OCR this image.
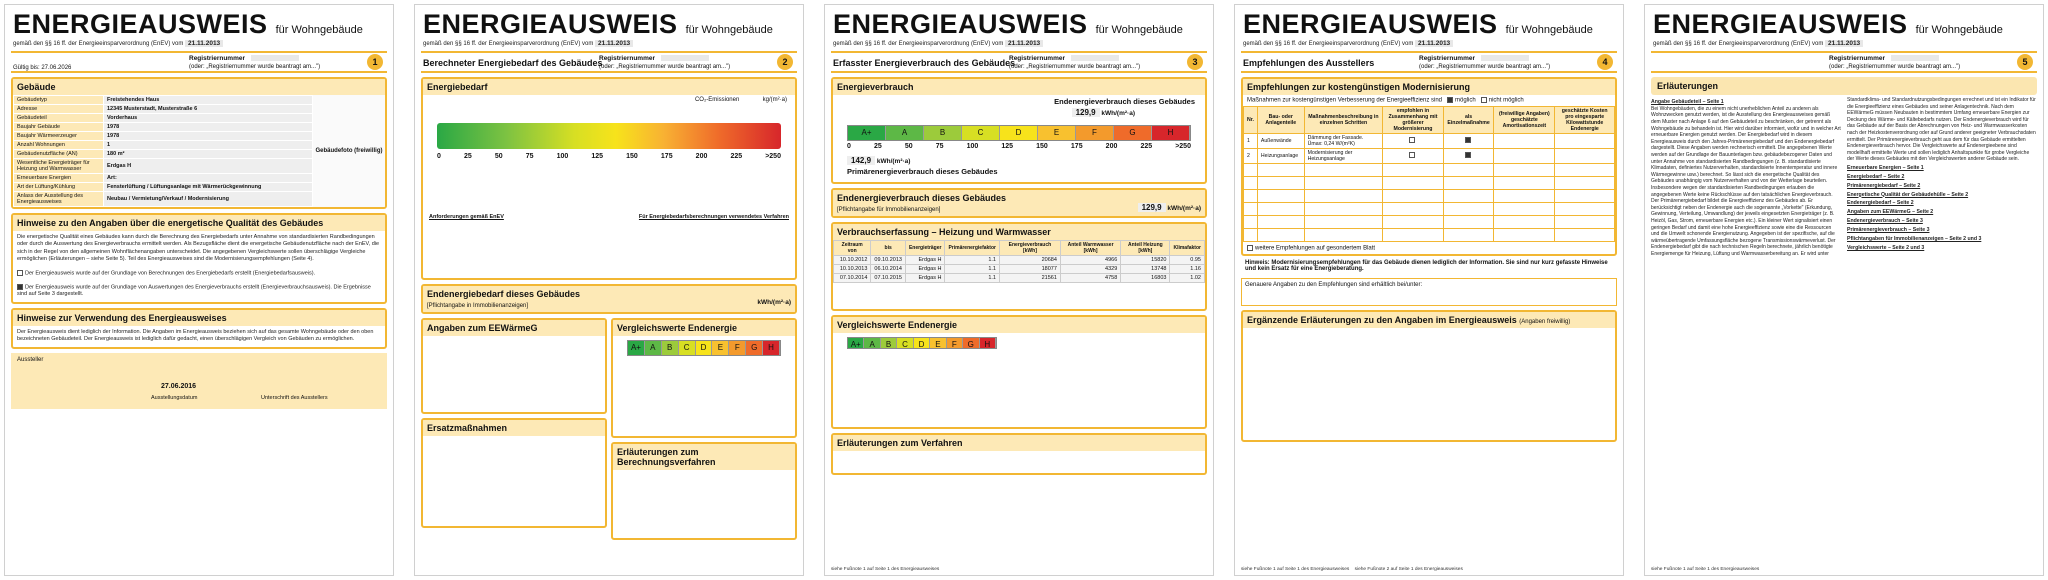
ENERGIEAUSWEIS für Wohngebäude
gemäß den §§ 16 ff. der Energieeinsparverordnung (EnEV) vom 21.11.2013
Gültig bis: 27.06.2026
Registriernummer
(oder: „Registriernummer wurde beantragt am...")	1
Gebäude
Gebäudetyp	Freistehendes Haus
Adresse	12345 Musterstadt, Musterstraße 6
Gebäudeteil	Vorderhaus
Baujahr Gebäude	1978
Baujahr Wärmeerzeuger	1978
Anzahl Wohnungen	1
Gebäudenutzfläche (AN)	180 m²
Wesentliche Energieträger für Heizung und Warmwasser	Erdgas H
Erneuerbare Energien	Art:
Art der Lüftung/Kühlung	Fensterlüftung / Lüftungsanlage mit Wärmerückgewinnung
Anlass der Ausstellung des Energieausweises	Neubau / Vermietung/Verkauf / Modernisierung
Gebäudefoto (freiwillig)
Hinweise zu den Angaben über die energetische Qualität des Gebäudes
Die energetische Qualität eines Gebäudes kann durch die Berechnung des Energiebedarfs unter Annahme von standardisierten Randbedingungen oder durch die Auswertung des Energieverbrauchs ermittelt werden. Als Bezugsfläche dient die energetische Gebäudenutzfläche nach der EnEV, die sich in der Regel von den allgemeinen Wohnflächenangaben unterscheidet. Die angegebenen Vergleichswerte sollen überschlägige Vergleiche ermöglichen (Erläuterungen – siehe Seite 5). Teil des Energieausweises sind die Modernisierungsempfehlungen (Seite 4).
Der Energieausweis wurde auf der Grundlage von Berechnungen des Energiebedarfs erstellt (Energiebedarfsausweis).
Der Energieausweis wurde auf der Grundlage von Auswertungen des Energieverbrauchs erstellt (Energieverbrauchsausweis). Die Ergebnisse sind auf Seite 3 dargestellt.
Hinweise zur Verwendung des Energieausweises
Der Energieausweis dient lediglich der Information. Die Angaben im Energieausweis beziehen sich auf das gesamte Wohngebäude oder den oben bezeichneten Gebäudeteil. Der Energieausweis ist lediglich dafür gedacht, einen überschlägigen Vergleich von Gebäuden zu ermöglichen.
Aussteller
27.06.2016
Ausstellungsdatum	Unterschrift des Ausstellers
ENERGIEAUSWEIS für Wohngebäude
gemäß den §§ 16 ff. der Energieeinsparverordnung (EnEV) vom 21.11.2013
Berechneter Energiebedarf des Gebäudes
Registriernummer
(oder: „Registriernummer wurde beantragt am...")	2
Energiebedarf
CO₂-Emissionen	kg/(m²·a)
0	25	50	75	100	125	150	175	200	225	>250
Anforderungen gemäß EnEV	Für Energiebedarfsberechnungen verwendetes Verfahren
Endenergiebedarf dieses Gebäudes
[Pflichtangabe in Immobilienanzeigen]	kWh/(m²·a)
Angaben zum EEWärmeG
Ersatzmaßnahmen
Vergleichswerte Endenergie
A+	A	B	C	D	E	F	G	H
Erläuterungen zum Berechnungsverfahren
ENERGIEAUSWEIS für Wohngebäude
gemäß den §§ 16 ff. der Energieeinsparverordnung (EnEV) vom 21.11.2013
Erfasster Energieverbrauch des Gebäudes
Registriernummer
(oder: „Registriernummer wurde beantragt am...")	3
Energieverbrauch
Endenergieverbrauch dieses Gebäudes
129,9 kWh/(m²·a)
A+	A	B	C	D	E	F	G	H
0	25	50	75	100	125	150	175	200	225	>250
142,9 kWh/(m²·a)
Primärenergieverbrauch dieses Gebäudes
Endenergieverbrauch dieses Gebäudes
[Pflichtangabe für Immobilienanzeigen]	129,9 kWh/(m²·a)
Verbrauchserfassung – Heizung und Warmwasser
Zeitraum von	bis	Energieträger	Primärenergiefaktor	Energieverbrauch [kWh]	Anteil Warmwasser [kWh]	Anteil Heizung [kWh]	Klimafaktor
10.10.2012	09.10.2013	Erdgas H	1.1	20684	4966	15820	0.95
10.10.2013	06.10.2014	Erdgas H	1.1	18077	4329	13748	1.16
07.10.2014	07.10.2015	Erdgas H	1.1	21561	4758	16803	1.02
Vergleichswerte Endenergie
A+	A	B	C	D	E	F	G	H
Erläuterungen zum Verfahren
siehe Fußnote 1 auf Seite 1 des Energieausweises
ENERGIEAUSWEIS für Wohngebäude
gemäß den §§ 16 ff. der Energieeinsparverordnung (EnEV) vom 21.11.2013
Empfehlungen des Ausstellers	Registriernummer
(oder: „Registriernummer wurde beantragt am...")	4
Empfehlungen zur kostengünstigen Modernisierung
Maßnahmen zur kostengünstigen Verbesserung der Energieeffizienz sind möglich nicht möglich
Nr.	Bau- oder Anlagenteile	Maßnahmenbeschreibung in einzelnen Schritten	empfohlen in Zusammenhang mit größerer Modernisierung	als Einzelmaßnahme	(freiwillige Angaben) geschätzte Amortisationszeit	geschätzte Kosten pro eingesparte Kilowattstunde Endenergie
1	Außenwände	Dämmung der Fassade. Ümax: 0,24 W/(m²K)				
2	Heizungsanlage	Modernisierung der Heizungsanlage				

weitere Empfehlungen auf gesondertem Blatt
Hinweis: Modernisierungsempfehlungen für das Gebäude dienen lediglich der Information. Sie sind nur kurz gefasste Hinweise und kein Ersatz für eine Energieberatung.
Genauere Angaben zu den Empfehlungen sind erhältlich bei/unter:
Ergänzende Erläuterungen zu den Angaben im Energieausweis (Angaben freiwillig)
siehe Fußnote 1 auf Seite 1 des Energieausweises siehe Fußnote 2 auf Seite 1 des Energieausweises
ENERGIEAUSWEIS für Wohngebäude
gemäß den §§ 16 ff. der Energieeinsparverordnung (EnEV) vom 21.11.2013
Registriernummer
(oder: „Registriernummer wurde beantragt am...")	5
Erläuterungen
Angabe Gebäudeteil – Seite 1
Bei Wohngebäuden, die zu einem nicht unerheblichen Anteil zu anderen als Wohnzwecken genutzt werden, ist die Ausstellung des Energieausweises gemäß dem Muster nach Anlage 6 auf den Gebäudeteil zu beschränken, der getrennt als Wohngebäude zu behandeln ist. Hier wird darüber informiert, wofür und in welcher Art erneuerbare Energien genutzt werden. Der Energiebedarf wird in diesem Energieausweis durch den Jahres-Primärenergiebedarf und den Endenergiebedarf dargestellt. Diese Angaben werden rechnerisch ermittelt. Die angegebenen Werte werden auf der Grundlage der Bauunterlagen bzw. gebäudebezogener Daten und unter Annahme von standardisierten Randbedingungen (z. B. standardisierte Klimadaten, definiertes Nutzerverhalten, standardisierte Innentemperatur und innere Wärmegewinne usw.) berechnet. So lässt sich die energetische Qualität des Gebäudes unabhängig vom Nutzerverhalten und von der Wetterlage beurteilen. Insbesondere wegen der standardisierten Randbedingungen erlauben die angegebenen Werte keine Rückschlüsse auf den tatsächlichen Energieverbrauch. Der Primärenergiebedarf bildet die Energieeffizienz des Gebäudes ab. Er berücksichtigt neben der Endenergie auch die sogenannte „Vorkette" (Erkundung, Gewinnung, Verteilung, Umwandlung) der jeweils eingesetzten Energieträger (z. B. Heizöl, Gas, Strom, erneuerbare Energien etc.). Ein kleiner Wert signalisiert einen geringen Bedarf und damit eine hohe Energieeffizienz sowie eine die Ressourcen und die Umwelt schonende Energienutzung. Angegeben ist der spezifische, auf die wärmeübertragende Umfassungsfläche bezogene Transmissionswärmeverlust. Der Endenergiebedarf gibt die nach technischen Regeln berechnete, jährlich benötigte Energiemenge für Heizung, Lüftung und Warmwasserbereitung an. Er wird unter Standardklima- und Standardnutzungsbedingungen errechnet und ist ein Indikator für die Energieeffizienz eines Gebäudes und seiner Anlagentechnik. Nach dem EEWärmeG müssen Neubauten in bestimmtem Umfang erneuerbare Energien zur Deckung des Wärme- und Kältebedarfs nutzen. Der Endenergieverbrauch wird für das Gebäude auf der Basis der Abrechnungen von Heiz- und Warmwasserkosten nach der Heizkostenverordnung oder auf Grund anderer geeigneter Verbrauchsdaten ermittelt. Der Primärenergieverbrauch geht aus dem für das Gebäude ermittelten Endenergieverbrauch hervor. Die Vergleichswerte auf Endenergieebene sind modellhaft ermittelte Werte und sollen lediglich Anhaltspunkte für grobe Vergleiche der Werte dieses Gebäudes mit den Vergleichswerten anderer Gebäude sein.
Erneuerbare Energien – Seite 1
Energiebedarf – Seite 2
Primärenergiebedarf – Seite 2
Energetische Qualität der Gebäudehülle – Seite 2
Endenergiebedarf – Seite 2
Angaben zum EEWärmeG – Seite 2
Endenergieverbrauch – Seite 3
Primärenergieverbrauch – Seite 3
Pflichtangaben für Immobilienanzeigen – Seite 2 und 3
Vergleichswerte – Seite 2 und 3
siehe Fußnote 1 auf Seite 1 des Energieausweises
